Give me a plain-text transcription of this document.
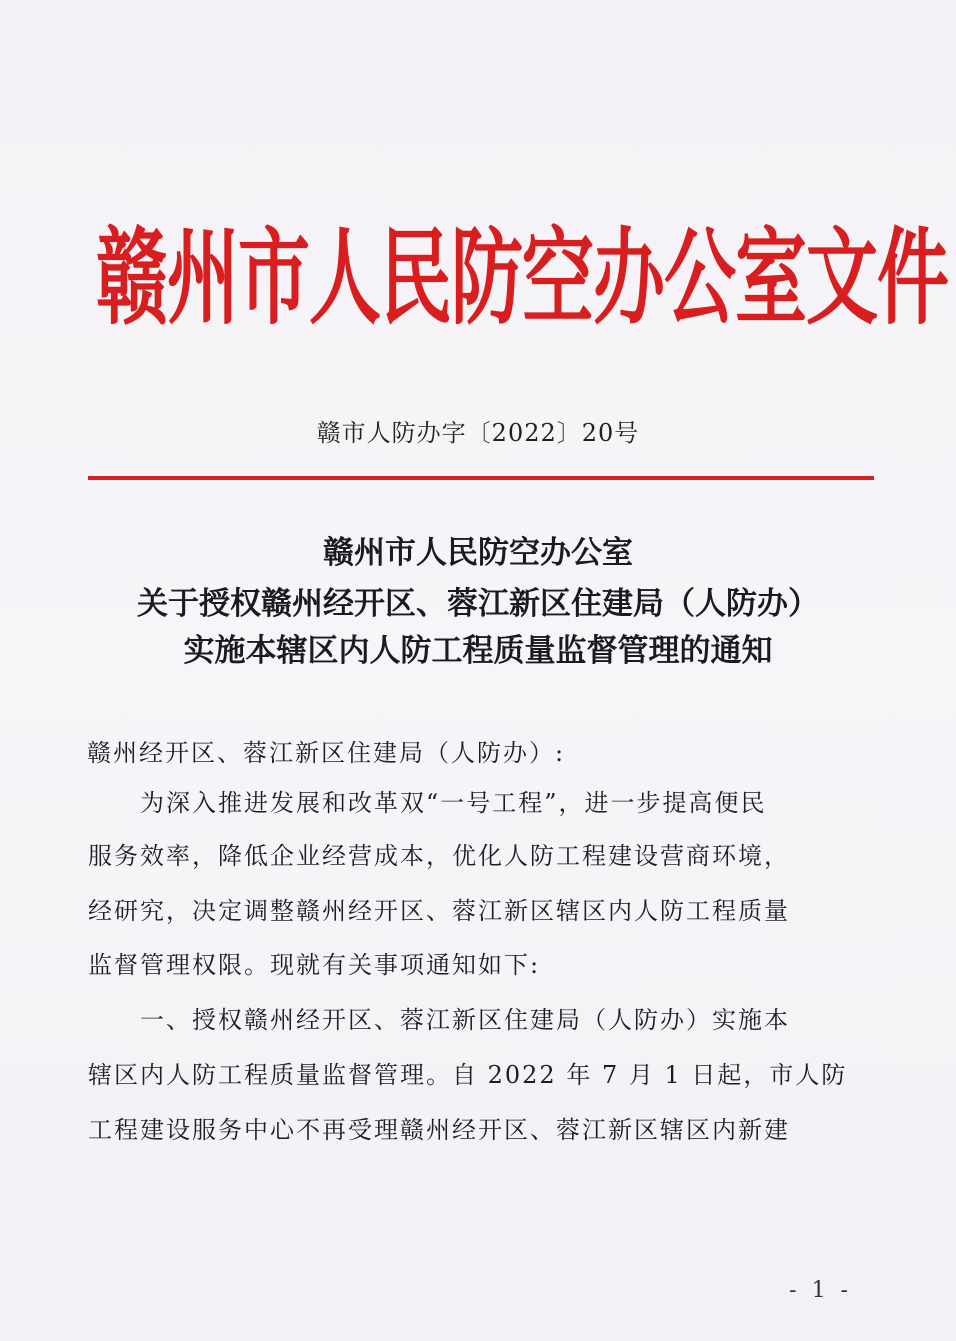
赣州市人民防空办公室文件
赣市人防办字〔2022〕20号
赣州市人民防空办公室
关于授权赣州经开区、蓉江新区住建局（人防办）
实施本辖区内人防工程质量监督管理的通知
赣州经开区、蓉江新区住建局（人防办）:
为深入推进发展和改革双“一号工程”，进一步提高便民
服务效率，降低企业经营成本，优化人防工程建设营商环境，
经研究，决定调整赣州经开区、蓉江新区辖区内人防工程质量
监督管理权限。现就有关事项通知如下:
一、授权赣州经开区、蓉江新区住建局（人防办）实施本
辖区内人防工程质量监督管理。自 2022 年 7 月 1 日起，市人防
工程建设服务中心不再受理赣州经开区、蓉江新区辖区内新建
- 1 -
